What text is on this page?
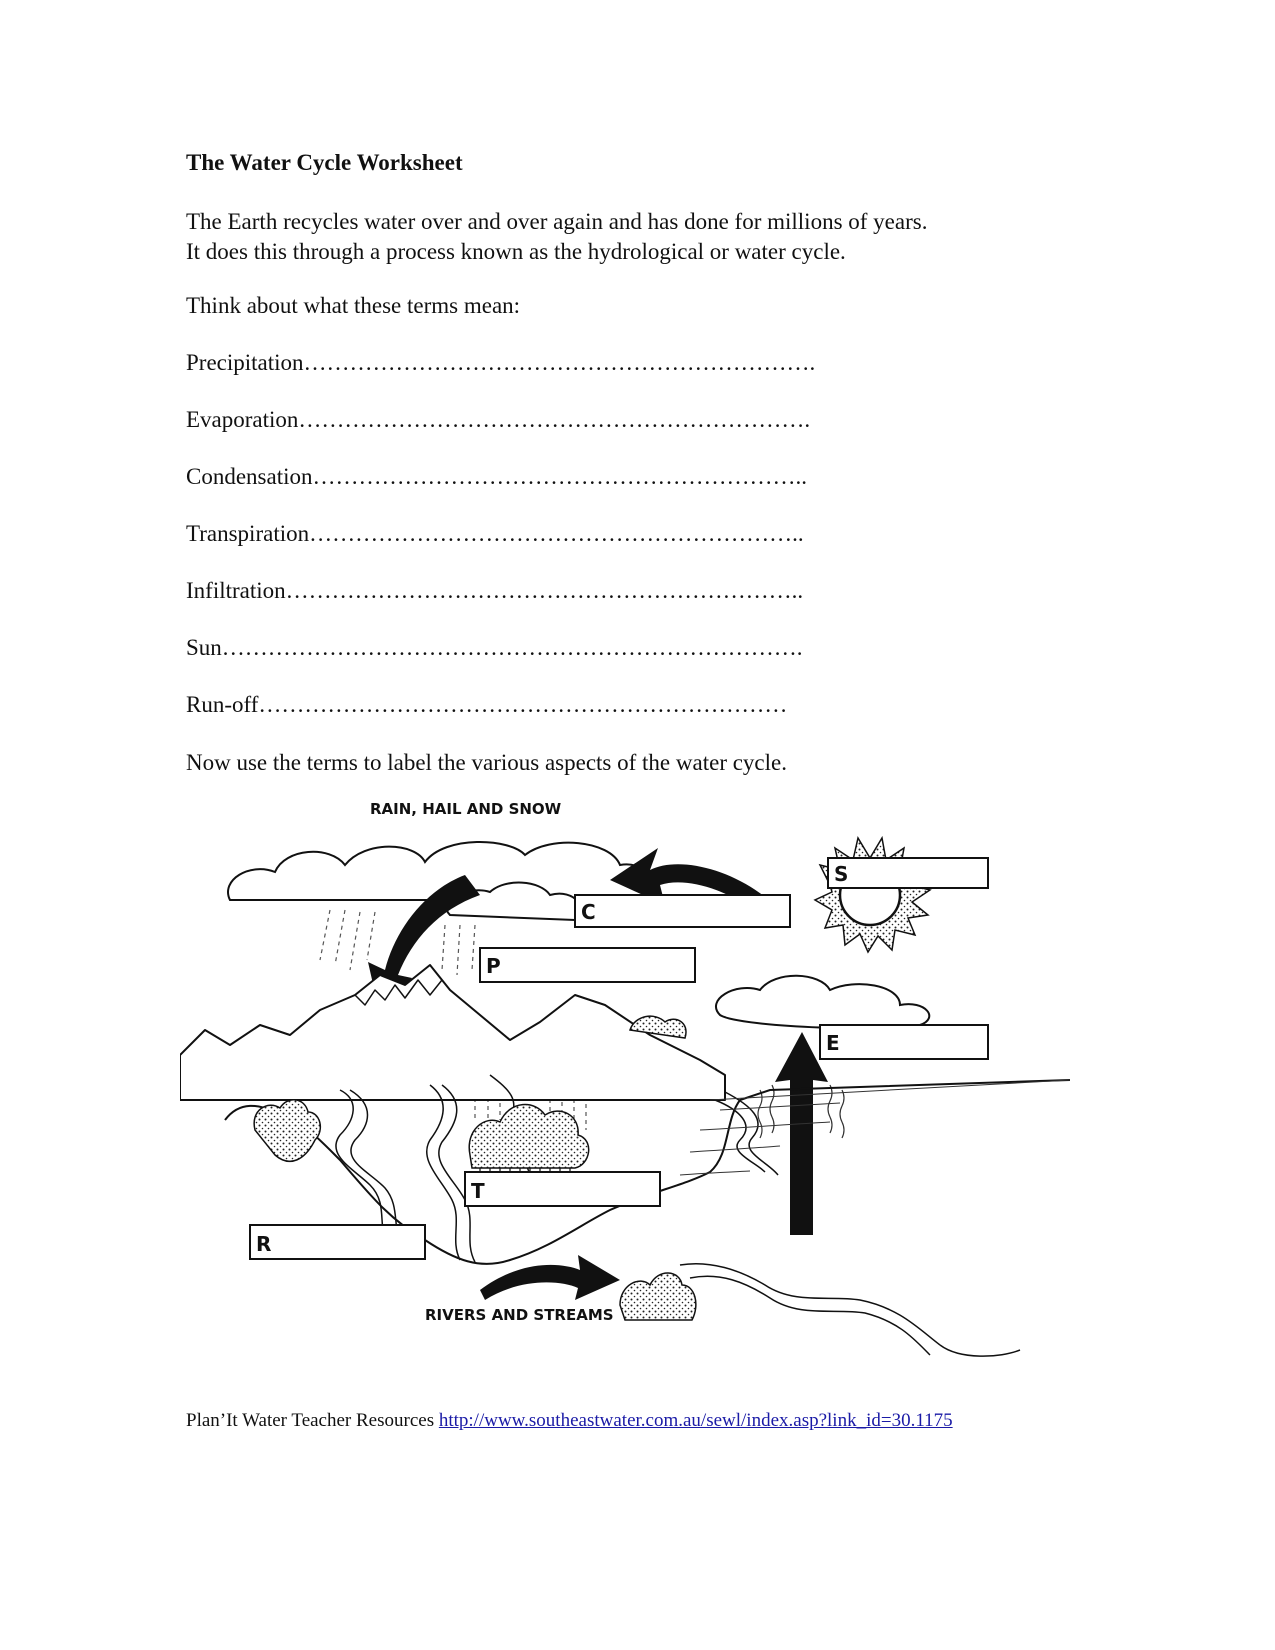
The Water Cycle Worksheet
The Earth recycles water over and over again and has done for millions of years.
It does this through a process known as the hydrological or water cycle.
Think about what these terms mean:
Precipitation………………………………………………………….
Evaporation………………………………………………………….
Condensation………………………………………………………..
Transpiration………………………………………………………..
Infiltration…………………………………………………………..
Sun………………………………………………………………….
Run-off……………………………………………………………
Now use the terms to label the various aspects of the water cycle.
RAIN, HAIL AND SNOW
S
C
P
E
T
R
RIVERS AND STREAMS
Plan’It Water Teacher Resources http://www.southeastwater.com.au/sewl/index.asp?link_id=30.1175
